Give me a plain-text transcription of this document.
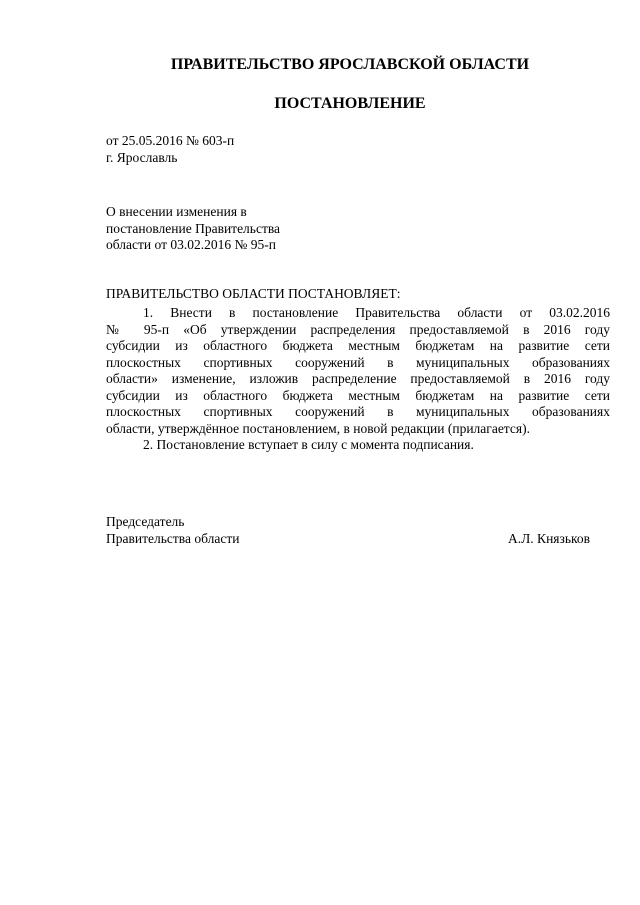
ПРАВИТЕЛЬСТВО ЯРОСЛАВСКОЙ ОБЛАСТИ
ПОСТАНОВЛЕНИЕ
от 25.05.2016 № 603-п
г. Ярославль
О внесении изменения в
постановление Правительства
области от 03.02.2016 № 95-п
ПРАВИТЕЛЬСТВО ОБЛАСТИ ПОСТАНОВЛЯЕТ:
1. Внести в постановление Правительства области от 03.02.2016
№ 95-п «Об утверждении распределения предоставляемой в 2016 году
субсидии из областного бюджета местным бюджетам на развитие сети
плоскостных спортивных сооружений в муниципальных образованиях
области» изменение, изложив распределение предоставляемой в 2016 году
субсидии из областного бюджета местным бюджетам на развитие сети
плоскостных спортивных сооружений в муниципальных образованиях
области, утверждённое постановлением, в новой редакции (прилагается).
2. Постановление вступает в силу с момента подписания.
Председатель
Правительства области	А.Л. Князьков
